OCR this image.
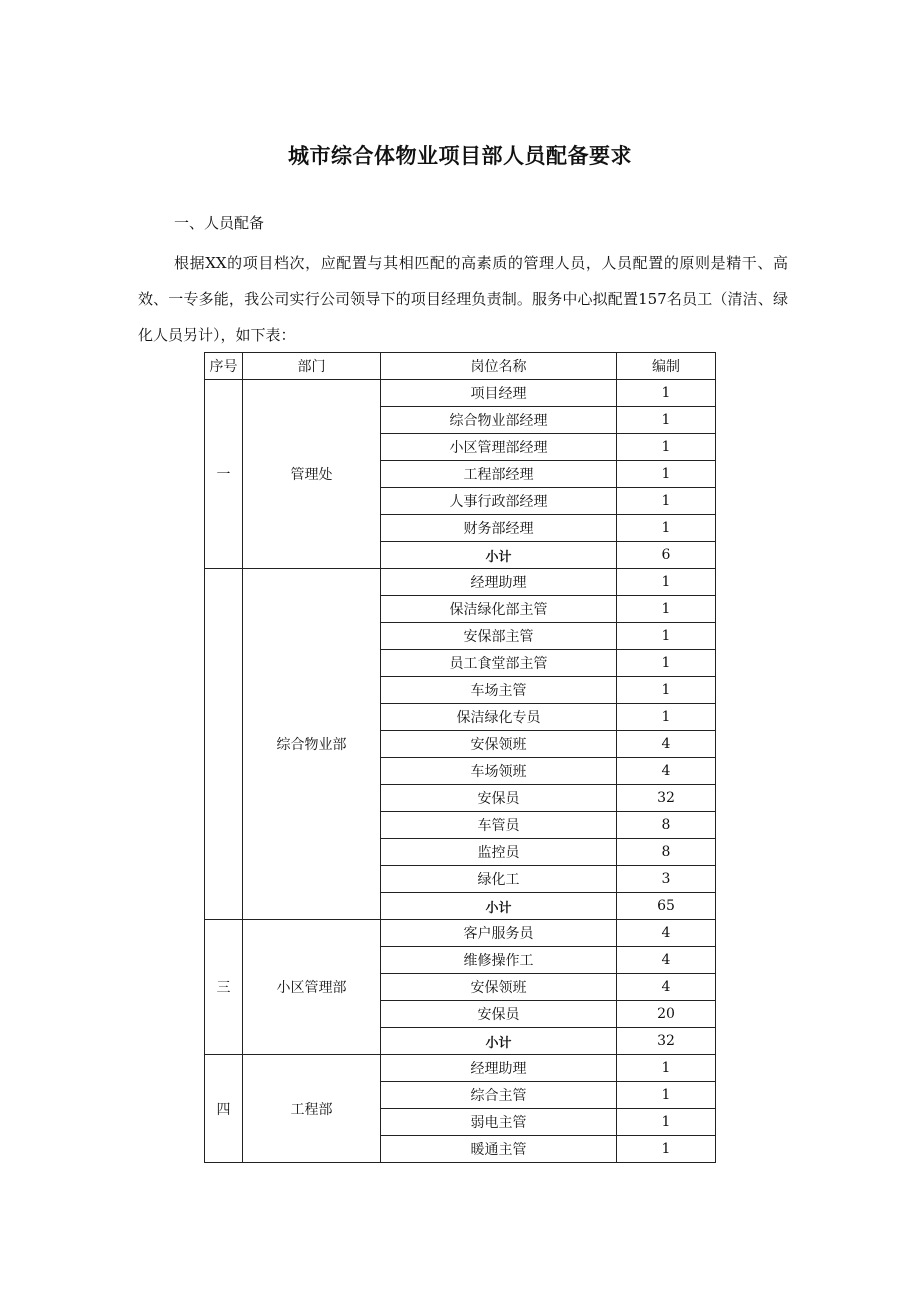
城市综合体物业项目部人员配备要求
一、人员配备
根据XX的项目档次，应配置与其相匹配的高素质的管理人员，人员配置的原则是精干、高效、一专多能，我公司实行公司领导下的项目经理负责制。服务中心拟配置157名员工（清洁、绿化人员另计），如下表：
序号	部门	岗位名称	编制
一	管理处	项目经理	1
		综合物业部经理	1
		小区管理部经理	1
		工程部经理	1
		人事行政部经理	1
		财务部经理	1
		小计	6
	综合物业部	经理助理	1
		保洁绿化部主管	1
		安保部主管	1
		员工食堂部主管	1
		车场主管	1
		保洁绿化专员	1
		安保领班	4
		车场领班	4
		安保员	32
		车管员	8
		监控员	8
		绿化工	3
		小计	65
三	小区管理部	客户服务员	4
		维修操作工	4
		安保领班	4
		安保员	20
		小计	32
四	工程部	经理助理	1
		综合主管	1
		弱电主管	1
		暖通主管	1
